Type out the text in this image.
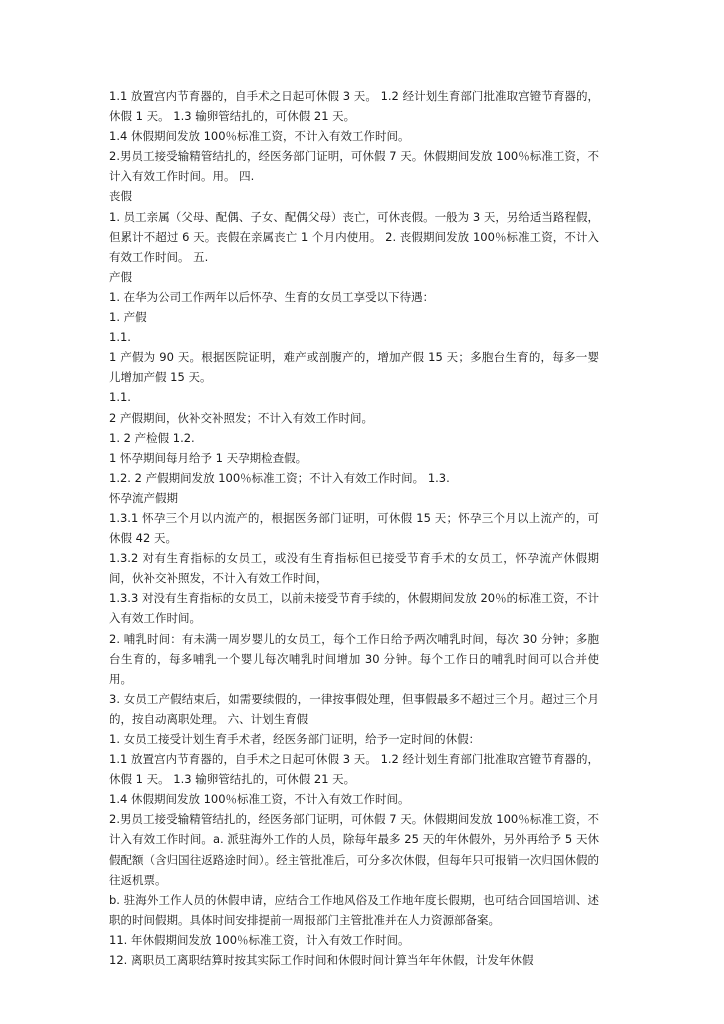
1.1 放置宫内节育器的，自手术之日起可休假 3 天。 1.2 经计划生育部门批准取宫镫节育器的，休假 1 天。 1.3 输卵管结扎的，可休假 21 天。

1.4 休假期间发放 100％标准工资，不计入有效工作时间。

2.男员工接受输精管结扎的，经医务部门证明，可休假 7 天。休假期间发放 100％标准工资，不计入有效工作时间。用。 四.

丧假

1. 员工亲属（父母、配偶、子女、配偶父母）丧亡，可休丧假。一般为 3 天，另给适当路程假，但累计不超过 6 天。丧假在亲属丧亡 1 个月内使用。 2. 丧假期间发放 100％标准工资，不计入有效工作时间。 五.

产假

1. 在华为公司工作两年以后怀孕、生育的女员工享受以下待遇：

1. 产假

1.1.

1 产假为 90 天。根据医院证明，难产或剖腹产的，增加产假 15 天；多胞台生育的，每多一婴儿增加产假 15 天。

1.1.

2 产假期间，伙补交补照发；不计入有效工作时间。

1. 2 产检假 1.2.

1 怀孕期间每月给予 1 天孕期检查假。

1.2. 2 产假期间发放 100％标准工资；不计入有效工作时间。 1.3.

怀孕流产假期

1.3.1 怀孕三个月以内流产的，根据医务部门证明，可休假 15 天；怀孕三个月以上流产的，可休假 42 天。

1.3.2 对有生育指标的女员工，或没有生育指标但已接受节育手术的女员工，怀孕流产休假期间，伙补交补照发，不计入有效工作时间，

1.3.3 对没有生育指标的女员工，以前未接受节育手续的，休假期间发放 20％的标准工资，不计入有效工作时间。

2. 哺乳时间：有未满一周岁婴儿的女员工，每个工作日给予两次哺乳时间，每次 30 分钟；多胞台生育的，每多哺乳一个婴儿每次哺乳时间增加 30 分钟。每个工作日的哺乳时间可以合并使用。

3. 女员工产假结束后，如需要续假的，一律按事假处理，但事假最多不超过三个月。超过三个月的，按自动离职处理。 六、计划生育假

1. 女员工接受计划生育手术者，经医务部门证明，给予一定时间的休假：

1.1 放置宫内节育器的，自手术之日起可休假 3 天。 1.2 经计划生育部门批准取宫镫节育器的，休假 1 天。 1.3 输卵管结扎的，可休假 21 天。

1.4 休假期间发放 100％标准工资，不计入有效工作时间。

2.男员工接受输精管结扎的，经医务部门证明，可休假 7 天。休假期间发放 100％标准工资，不计入有效工作时间。a. 派驻海外工作的人员，除每年最多 25 天的年休假外，另外再给予 5 天休假配额（含归国往返路途时间）。经主管批准后，可分多次休假，但每年只可报销一次归国休假的往返机票。

b. 驻海外工作人员的休假申请，应结合工作地风俗及工作地年度长假期，也可结合回国培训、述职的时间假期。具体时间安排提前一周报部门主管批准并在人力资源部备案。

11. 年休假期间发放 100％标准工资，计入有效工作时间。

12. 离职员工离职结算时按其实际工作时间和休假时间计算当年年休假，计发年休假
